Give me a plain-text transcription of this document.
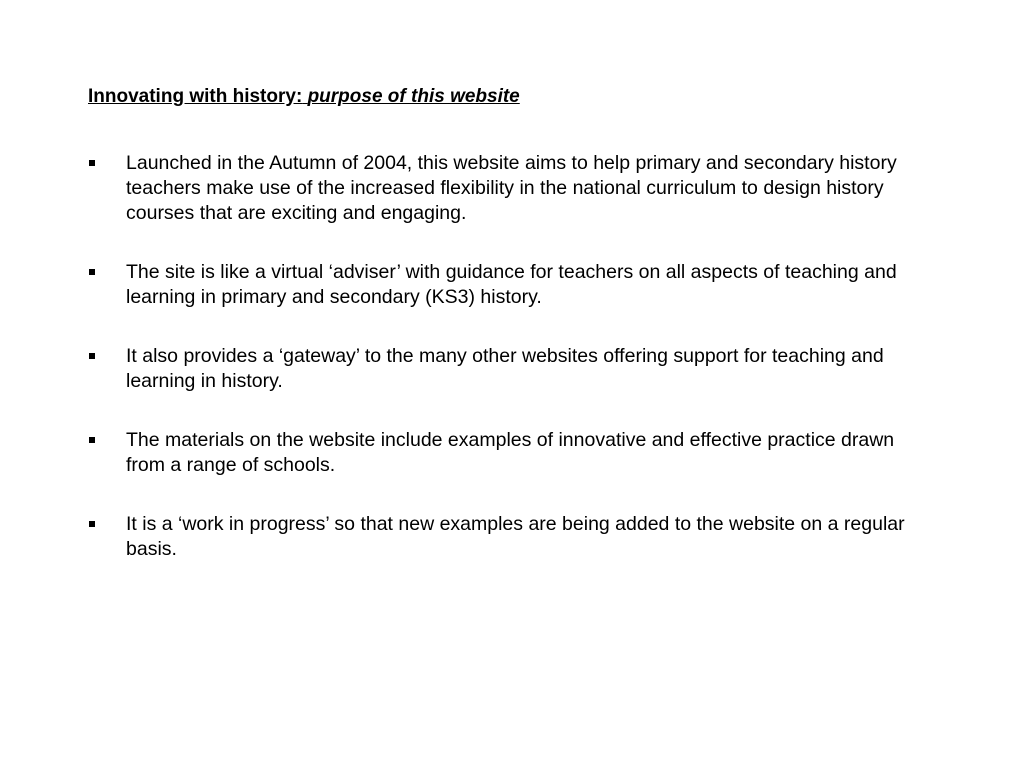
Innovating with history: purpose of this website
Launched in the Autumn of 2004, this website aims to help primary and secondary history teachers make use of the increased flexibility in the national curriculum to design history courses that are exciting and engaging.
The site is like a virtual ‘adviser’ with guidance for teachers on all aspects of teaching and learning in primary and secondary (KS3) history.
It also provides a ‘gateway’ to the many other websites offering support for teaching and learning in history.
The materials on the website include examples of innovative and effective practice drawn from a range of schools.
It is a ‘work in progress’ so that new examples are being added to the website on a regular basis.
